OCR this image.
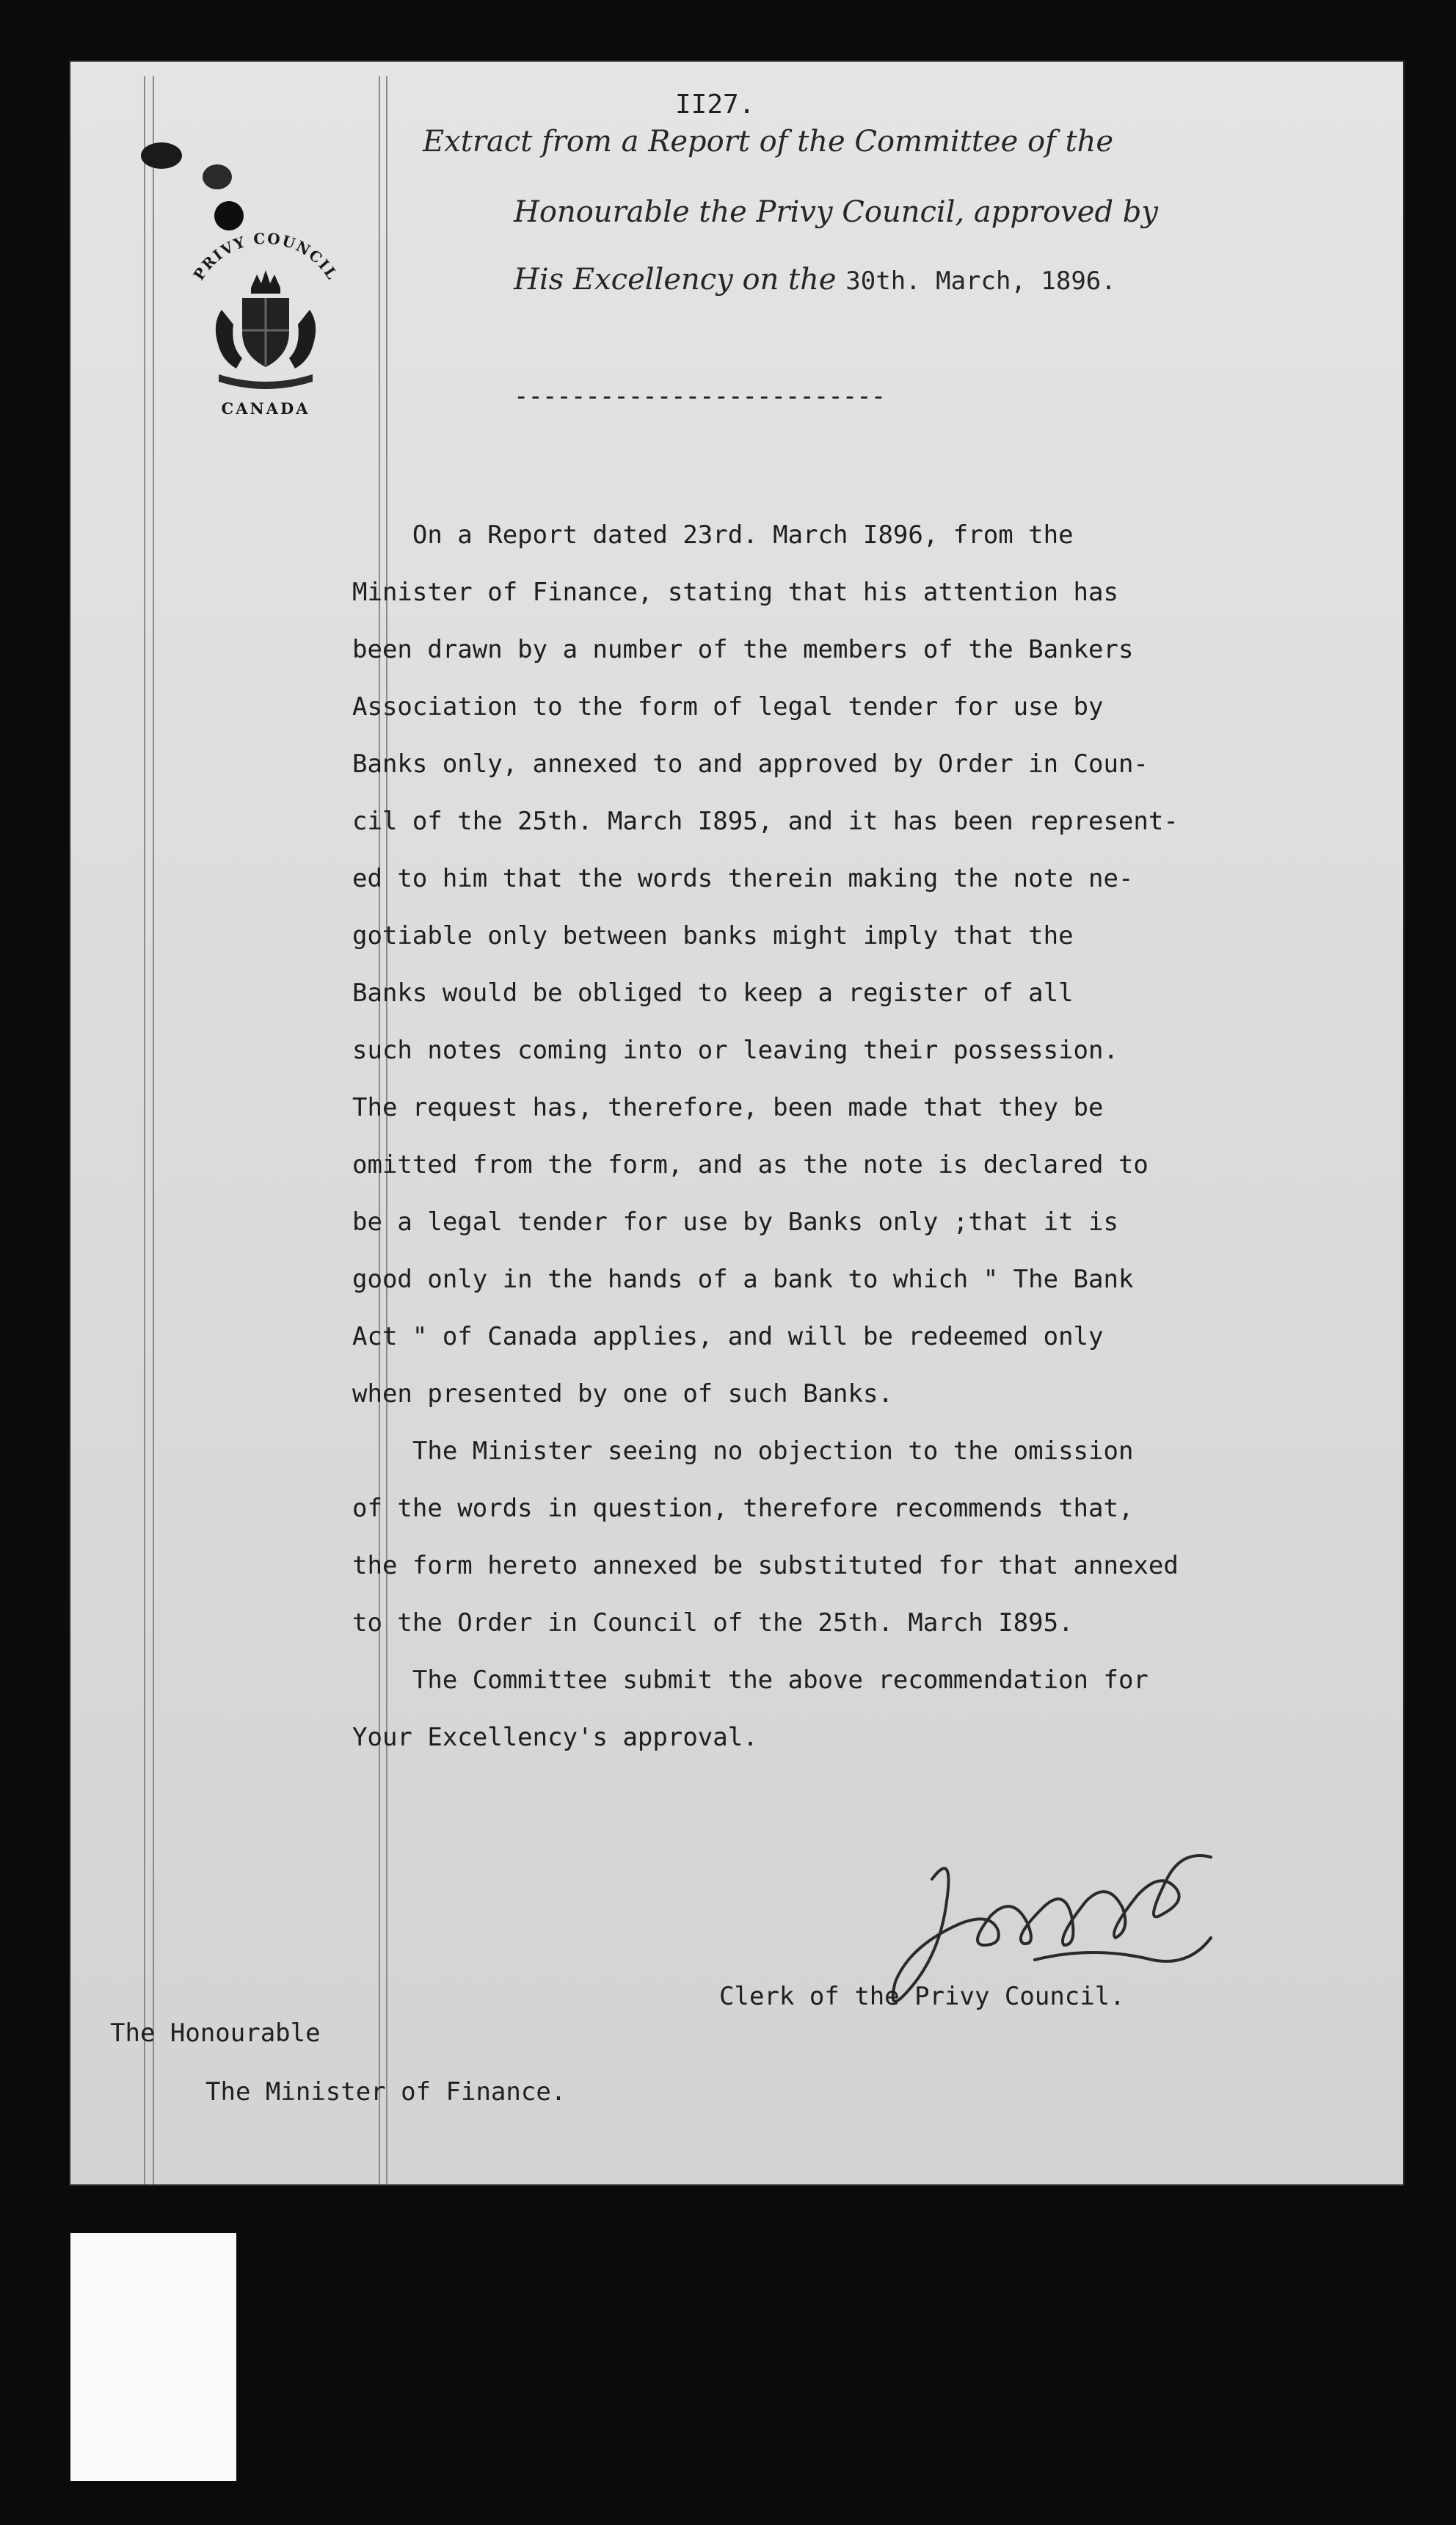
PRIVY COUNCIL
CANADA
II27.
Extract from a Report of the Committee of the
Honourable the Privy Council, approved by
His Excellency on the 30th. March, 1896.
--------------------------
On a Report dated 23rd. March I896, from the
Minister of Finance, stating that his attention has
been drawn by a number of the members of the Bankers
Association to the form of legal tender for use by
Banks only, annexed to and approved by Order in Coun-
cil of the 25th. March I895, and it has been represent-
ed to him that the words therein making the note ne-
gotiable only between banks might imply that the
Banks would be obliged to keep a register of all
such notes coming into or leaving their possession.
The request has, therefore, been made that they be
omitted from the form, and as the note is declared to
be a legal tender for use by Banks only ;that it is
good only in the hands of a bank to which " The Bank
Act " of Canada applies, and will be redeemed only
when presented by one of such Banks.
The Minister seeing no objection to the omission
of the words in question, therefore recommends that,
the form hereto annexed be substituted for that annexed
to the Order in Council of the 25th. March I895.
The Committee submit the above recommendation for
Your Excellency's approval.
Clerk of the Privy Council.
The Honourable
The Minister of Finance.
